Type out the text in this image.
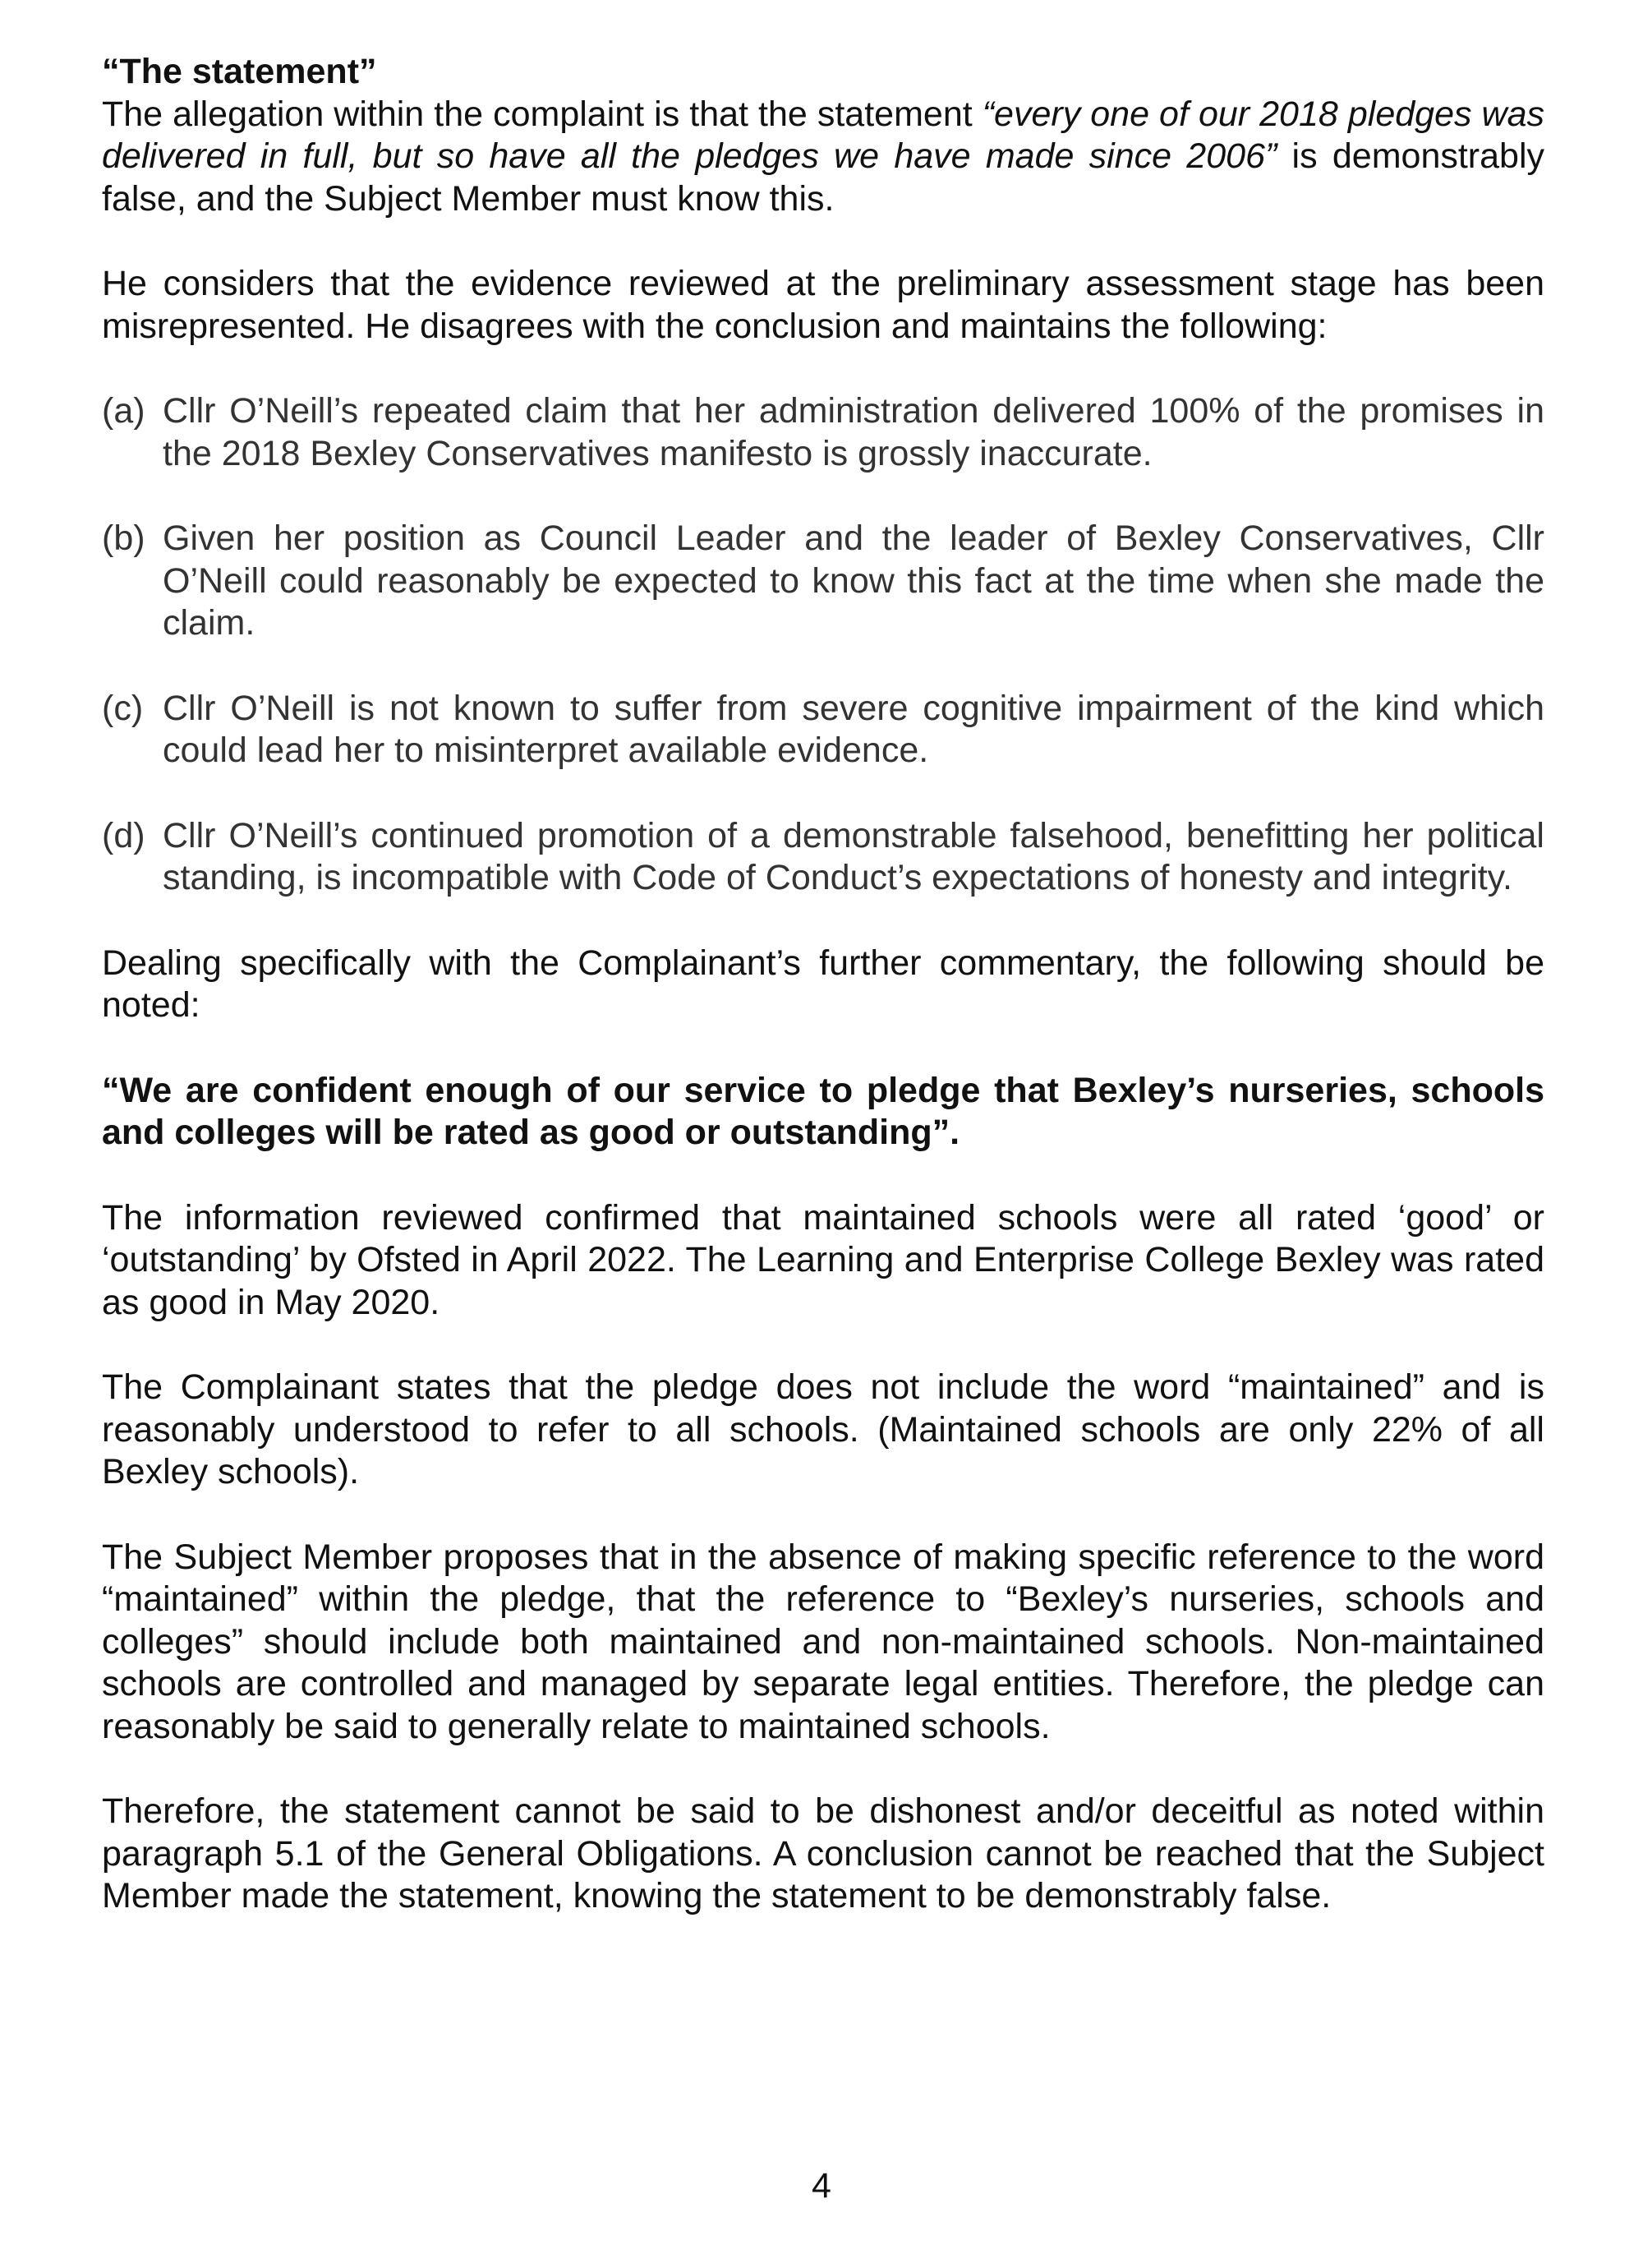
“The statement”

The allegation within the complaint is that the statement “every one of our 2018 pledges was delivered in full, but so have all the pledges we have made since 2006” is demonstrably false, and the Subject Member must know this.

He considers that the evidence reviewed at the preliminary assessment stage has been misrepresented. He disagrees with the conclusion and maintains the following:

(a) Cllr O’Neill’s repeated claim that her administration delivered 100% of the promises in the 2018 Bexley Conservatives manifesto is grossly inaccurate.
(b) Given her position as Council Leader and the leader of Bexley Conservatives, Cllr O’Neill could reasonably be expected to know this fact at the time when she made the claim.
(c) Cllr O’Neill is not known to suffer from severe cognitive impairment of the kind which could lead her to misinterpret available evidence.
(d) Cllr O’Neill’s continued promotion of a demonstrable falsehood, benefitting her political standing, is incompatible with Code of Conduct’s expectations of honesty and integrity.

Dealing specifically with the Complainant’s further commentary, the following should be noted:

“We are confident enough of our service to pledge that Bexley’s nurseries, schools and colleges will be rated as good or outstanding”.

The information reviewed confirmed that maintained schools were all rated ‘good’ or ‘outstanding’ by Ofsted in April 2022. The Learning and Enterprise College Bexley was rated as good in May 2020.

The Complainant states that the pledge does not include the word “maintained” and is reasonably understood to refer to all schools. (Maintained schools are only 22% of all Bexley schools).

The Subject Member proposes that in the absence of making specific reference to the word “maintained” within the pledge, that the reference to “Bexley’s nurseries, schools and colleges” should include both maintained and non-maintained schools. Non-maintained schools are controlled and managed by separate legal entities. Therefore, the pledge can reasonably be said to generally relate to maintained schools.

Therefore, the statement cannot be said to be dishonest and/or deceitful as noted within paragraph 5.1 of the General Obligations. A conclusion cannot be reached that the Subject Member made the statement, knowing the statement to be demonstrably false.

4
